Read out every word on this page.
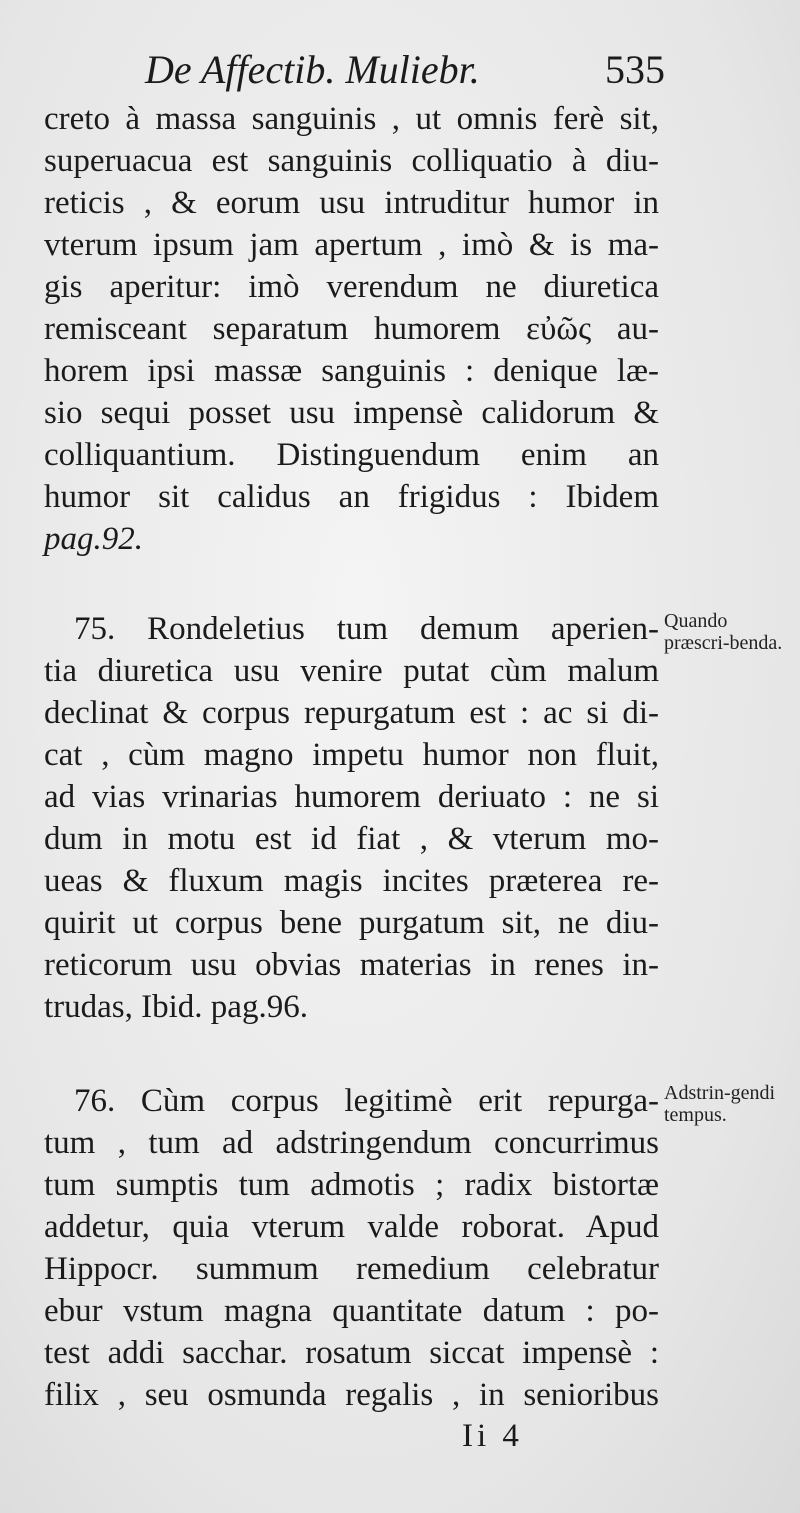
De Affectib. Muliebr.	535
creto à massa sanguinis , ut omnis ferè sit,
superuacua est sanguinis colliquatio à diu-
reticis , & eorum usu intruditur humor in
vterum ipsum jam apertum , imò & is ma-
gis aperitur: imò verendum ne diuretica
remisceant separatum humorem εὐῶς au-
horem ipsi massæ sanguinis : denique læ-
sio sequi posset usu impensè calidorum &
colliquantium. Distinguendum enim an
humor sit calidus an frigidus : Ibidem
pag.92.
75. Rondeletius tum demum aperien-
tia diuretica usu venire putat cùm malum
declinat & corpus repurgatum est : ac si di-
cat , cùm magno impetu humor non fluit,
ad vias vrinarias humorem deriuato : ne si
dum in motu est id fiat , & vterum mo-
ueas & fluxum magis incites præterea re-
quirit ut corpus bene purgatum sit, ne diu-
reticorum usu obvias materias in renes in-
trudas, Ibid. pag.96.
76. Cùm corpus legitimè erit repurga-
tum , tum ad adstringendum concurrimus
tum sumptis tum admotis ; radix bistortæ
addetur, quia vterum valde roborat. Apud
Hippocr. summum remedium celebratur
ebur vstum magna quantitate datum : po-
test addi sacchar. rosatum siccat impensè :
filix , seu osmunda regalis , in senioribus
Quando præscri-benda.
Adstrin-gendi tempus.
Ii 4
